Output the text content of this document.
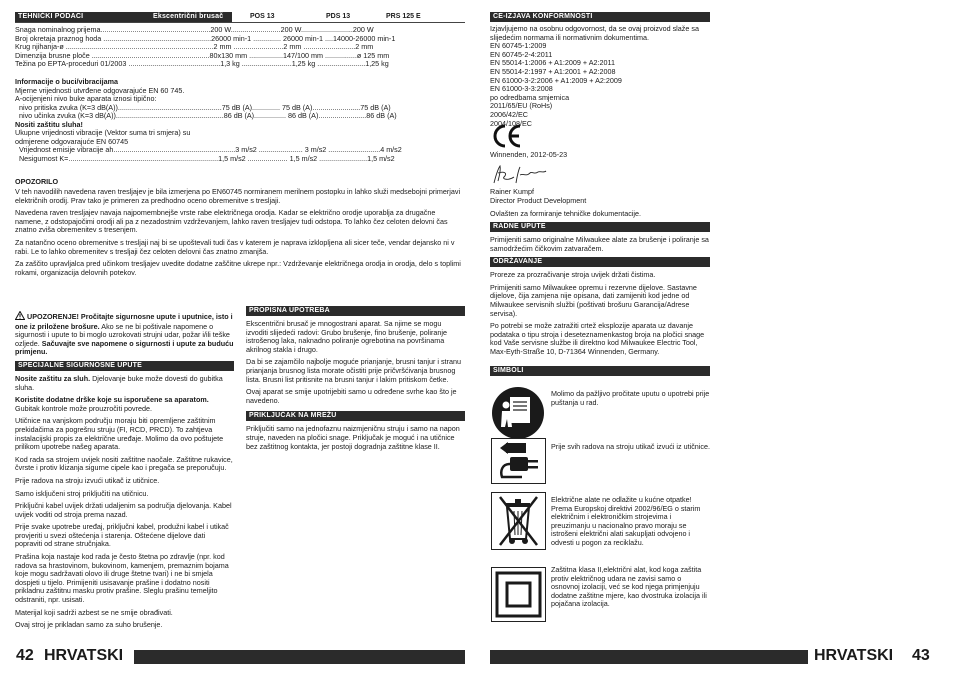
TEHNIČKI PODACI	Ekscentrični brusač	POS 13	PDS 13	PRS 125 E
Snaga nominalnog prijema.......................................................200 W.........................200 W..........................200 W
Broj okretaja praznog hoda ......................................................26000 min-1 .............. 26000 min-1 ....14000-26000 min-1
Krug njihanja-ø ..........................................................................2 mm .........................2 mm ..........................2 mm
Dimenzija brusne ploče ...........................................................80x130 mm .................147/100 mm ................ø 125 mm
Težina po EPTA-proceduri 01/2003 ..............................................1,3 kg .........................1,25 kg ........................1,25 kg
Informacije o buci/vibracijama
Mjerne vrijednosti utvrđene odgovarajuće EN 60 745.
A-ocijenjeni nivo buke aparata iznosi tipično:
nivo pritiska zvuka (K=3 dB(A))....................................................75 dB (A).............. 75 dB (A)........................75 dB (A)
nivo učinka zvuka (K=3 dB(A))......................................................86 dB (A)................ 86 dB (A)........................86 dB (A)
Nositi zaštitu sluha!
Ukupne vrijednosti vibracije (Vektor suma tri smjera) su
odmjerene odgovarajuće EN 60745
Vrijednost emisije vibracije ah.............................................................3 m/s2 ...................... 3 m/s2 ..........................4 m/s2
Nesigurnost K=...........................................................................1,5 m/s2 .................... 1,5 m/s2 ........................1,5 m/s2
OPOZORILO

V teh navodilih navedena raven tresljajev je bila izmerjena po EN60745 normiranem merilnem postopku in lahko služi medsebojni primerjavi električnih orodij. Prav tako je primeren za predhodno oceno obremenitve s tresljaji.

Navedena raven tresljajev navaja najpomembnejše vrste rabe električnega orodja. Kadar se električno orodje uporablja za drugačne namene, z odstopajočimi orodji ali pa z nezadostnim vzdrževanjem, lahko raven tresljajev tudi odstopa. To lahko čez celoten delovni čas znatno zviša obremenitev s tresenjem.

Za natančno oceno obremenitve s tresljaji naj bi se upoštevali tudi čas v katerem je naprava izklopljena ali sicer teče, vendar dejansko ni v rabi. Le to lahko obremenitev s tresljaji čez celoten delovni čas znatno zmanjša.

Za zaščito upravljalca pred učinkom tresljajev uvedite dodatne zaščitne ukrepe npr.: Vzdrževanje električnega orodja in orodja, delo s toplimi rokami, organizacija delovnih potekov.

UPOZORENJE! Pročitajte sigurnosne upute i uputnice, isto i one iz priložene brošure. Ako se ne bi poštivale napomene o sigurnosti i upute to bi moglo uzrokovati strujni udar, požar i/ili teške ozljede. Sačuvajte sve napomene o sigurnosti i upute za buduću primjenu.

SPECIJALNE SIGURNOSNE UPUTE

Nosite zaštitu za sluh. Djelovanje buke može dovesti do gubitka sluha.

Koristite dodatne drške koje su isporučene sa aparatom. Gubitak kontrole može prouzročiti povrede.

Utičnice na vanjskom području moraju biti opremljene zaštitnim prekidačima za pogrešnu struju (FI, RCD, PRCD). To zahtjeva instalacijski propis za električne uređaje. Molimo da ovo poštujete prilikom upotrebe našeg aparata.

Kod rada sa strojem uvijek nositi zaštitne naočale. Zaštitne rukavice, čvrste i protiv klizanja sigurne cipele kao i pregača se preporučuju.

Prije radova na stroju izvući utikač iz utičnice.

Samo isključeni stroj priključiti na utičnicu.

Priključni kabel uvijek držati udaljenim sa područja djelovanja. Kabel uvijek voditi od stroja prema nazad.

Prije svake upotrebe uređaj, priključni kabel, produžni kabel i utikač provjeriti u svezi oštećenja i starenja. Oštećene dijelove dati popraviti od strane stručnjaka.

Prašina koja nastaje kod rada je često štetna po zdravlje (npr. kod radova sa hrastovinom, bukovinom, kamenjem, premaznim bojama koje mogu sadržavati olovo ili druge štetne tvari) i ne bi smjela dospjeti u tijelo. Primijeniti usisavanje prašine i dodatno nositi prikladnu zaštitnu masku protiv prašine. Sleglu prašinu temeljito odstraniti, npr. usisati.

Materijal koji sadrži azbest se ne smije obrađivati.

Ovaj stroj je prikladan samo za suho brušenje.

PROPISNA UPOTREBA

Ekscentrični brusač je mnogostrani aparat. Sa njime se mogu izvoditi slijedeći radovi: Grubo brušenje, fino brušenje, poliranje istrošenog laka, naknadno poliranje ogrebotina na površinama akrilnog stakla i drugo.

Da bi se zajamčilo najbolje moguće prianjanje, brusni tanjur i stranu prianjanja brusnog lista morate očistiti prije pričvršćivanja brusnog lista. Brusni list pritisnite na brusni tanjur i lakim pritiskom četke.

Ovaj aparat se smije upotrijebiti samo u određene svrhe kao što je navedeno.

PRIKLJUČAK NA MREŽU

Priključiti samo na jednofaznu naizmjeničnu struju i samo na napon struje, naveden na pločici snage. Priključak je moguć i na utičnice bez zaštitnog kontakta, jer postoji dogradnja zaštitne klase II.

42 HRVATSKI
CE-IZJAVA KONFORMNOSTI
Izjavljujemo na osobnu odgovornost, da se ovaj proizvod slaže sa slijedećim normama ili normativnim dokumentima.
EN 60745-1:2009
EN 60745-2-4:2011
EN 55014-1:2006 + A1:2009 + A2:2011
EN 55014-2:1997 + A1:2001 + A2:2008
EN 61000-3-2:2006 + A1:2009 + A2:2009
EN 61000-3-3:2008
po odredbama smjernica
2011/65/EU (RoHs)
2006/42/EC
2004/108/EC
Winnenden, 2012-05-23
Rainer Kumpf
Director Product Development
Ovlašten za formiranje tehničke dokumentacije.
RADNE UPUTE

Primijeniti samo originalne Milwaukee alate za brušenje i poliranje sa samodržećim čičkovim zatvaračem.

ODRŽAVANJE

Proreze za prozračivanje stroja uvijek držati čistima.

Primijeniti samo Milwaukee opremu i rezervne dijelove. Sastavne dijelove, čija zamjena nije opisana, dati zamijeniti kod jedne od Milwaukee servisnih službi (poštivati brošuru Garancija/Adrese servisa).

Po potrebi se može zatražiti crtež eksplozije aparata uz davanje podataka o tipu stroja i deseteznamenkastog broja na pločici snage kod Vaše servisne službe ili direktno kod Milwaukee Electric Tool, Max-Eyth-Straße 10, D-71364 Winnenden, Germany.

SIMBOLI
Molimo da pažljivo pročitate uputu o upotrebi prije puštanja u rad.
Prije svih radova na stroju utikač izvući iz utičnice.
Električne alate ne odlažite u kućne otpatke! Prema Europskoj direktivi 2002/96/EG o starim električnim i elektroničkim strojevima i preuzimanju u nacionalno pravo moraju se istrošeni električni alati sakupljati odvojeno i odvesti u pogon za reciklažu.
Zaštitna klasa II,električni alat, kod koga zaštita protiv električnog udara ne zavisi samo o osnovnoj izolaciji, već se kod njega primjenjuju dodatne zaštitne mjere, kao dvostruka izolacija ili pojačana izolacija.
HRVATSKI 43
